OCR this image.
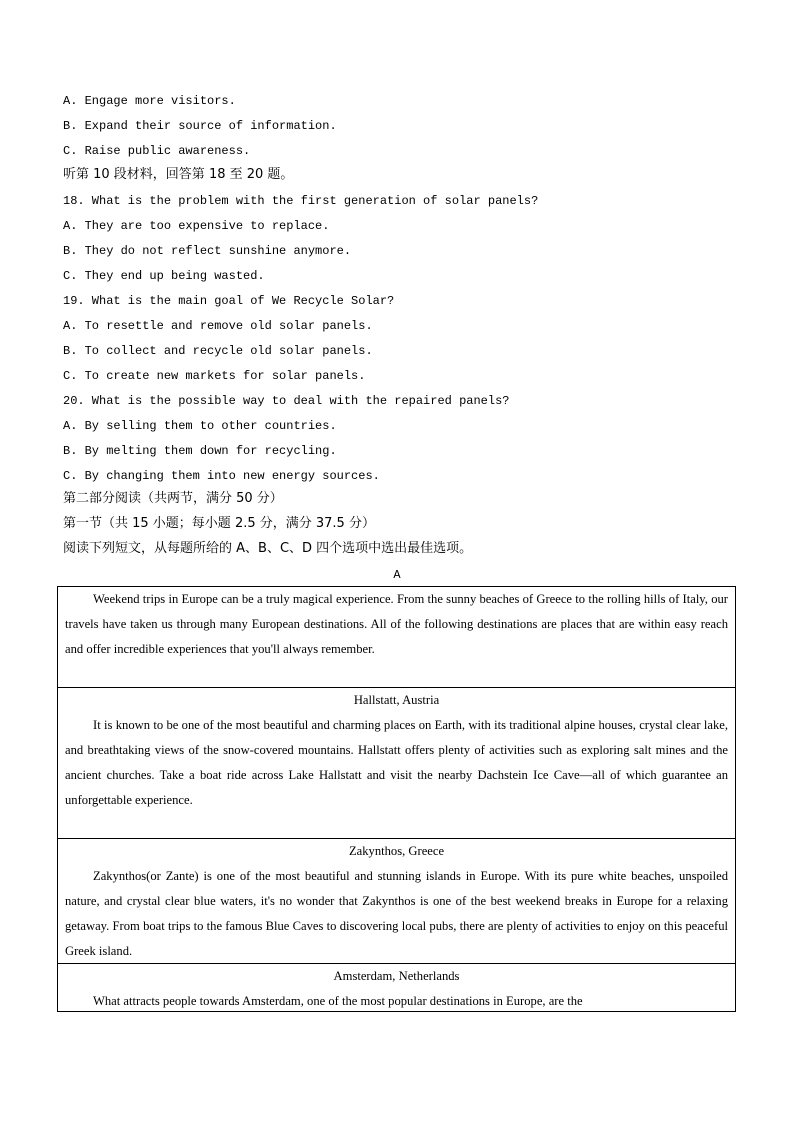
A. Engage more visitors.
B. Expand their source of information.
C. Raise public awareness.
听第 10 段材料，回答第 18 至 20 题。
18. What is the problem with the first generation of solar panels?
A. They are too expensive to replace.
B. They do not reflect sunshine anymore.
C. They end up being wasted.
19. What is the main goal of We Recycle Solar?
A. To resettle and remove old solar panels.
B. To collect and recycle old solar panels.
C. To create new markets for solar panels.
20. What is the possible way to deal with the repaired panels?
A. By selling them to other countries.
B. By melting them down for recycling.
C. By changing them into new energy sources.
第二部分阅读（共两节，满分 50 分）
第一节（共 15 小题；每小题 2.5 分，满分 37.5 分）
阅读下列短文，从每题所给的 A、B、C、D 四个选项中选出最佳选项。
A

Weekend trips in Europe can be a truly magical experience. From the sunny beaches of Greece to the rolling hills of Italy, our travels have taken us through many European destinations. All of the following destinations are places that are within easy reach and offer incredible experiences that you'll always remember.

Hallstatt, Austria

It is known to be one of the most beautiful and charming places on Earth, with its traditional alpine houses, crystal clear lake, and breathtaking views of the snow-covered mountains. Hallstatt offers plenty of activities such as exploring salt mines and the ancient churches. Take a boat ride across Lake Hallstatt and visit the nearby Dachstein Ice Cave—all of which guarantee an unforgettable experience.

Zakynthos, Greece

Zakynthos(or Zante) is one of the most beautiful and stunning islands in Europe. With its pure white beaches, unspoiled nature, and crystal clear blue waters, it's no wonder that Zakynthos is one of the best weekend breaks in Europe for a relaxing getaway. From boat trips to the famous Blue Caves to discovering local pubs, there are plenty of activities to enjoy on this peaceful Greek island.

Amsterdam, Netherlands

What attracts people towards Amsterdam, one of the most popular destinations in Europe, are the
